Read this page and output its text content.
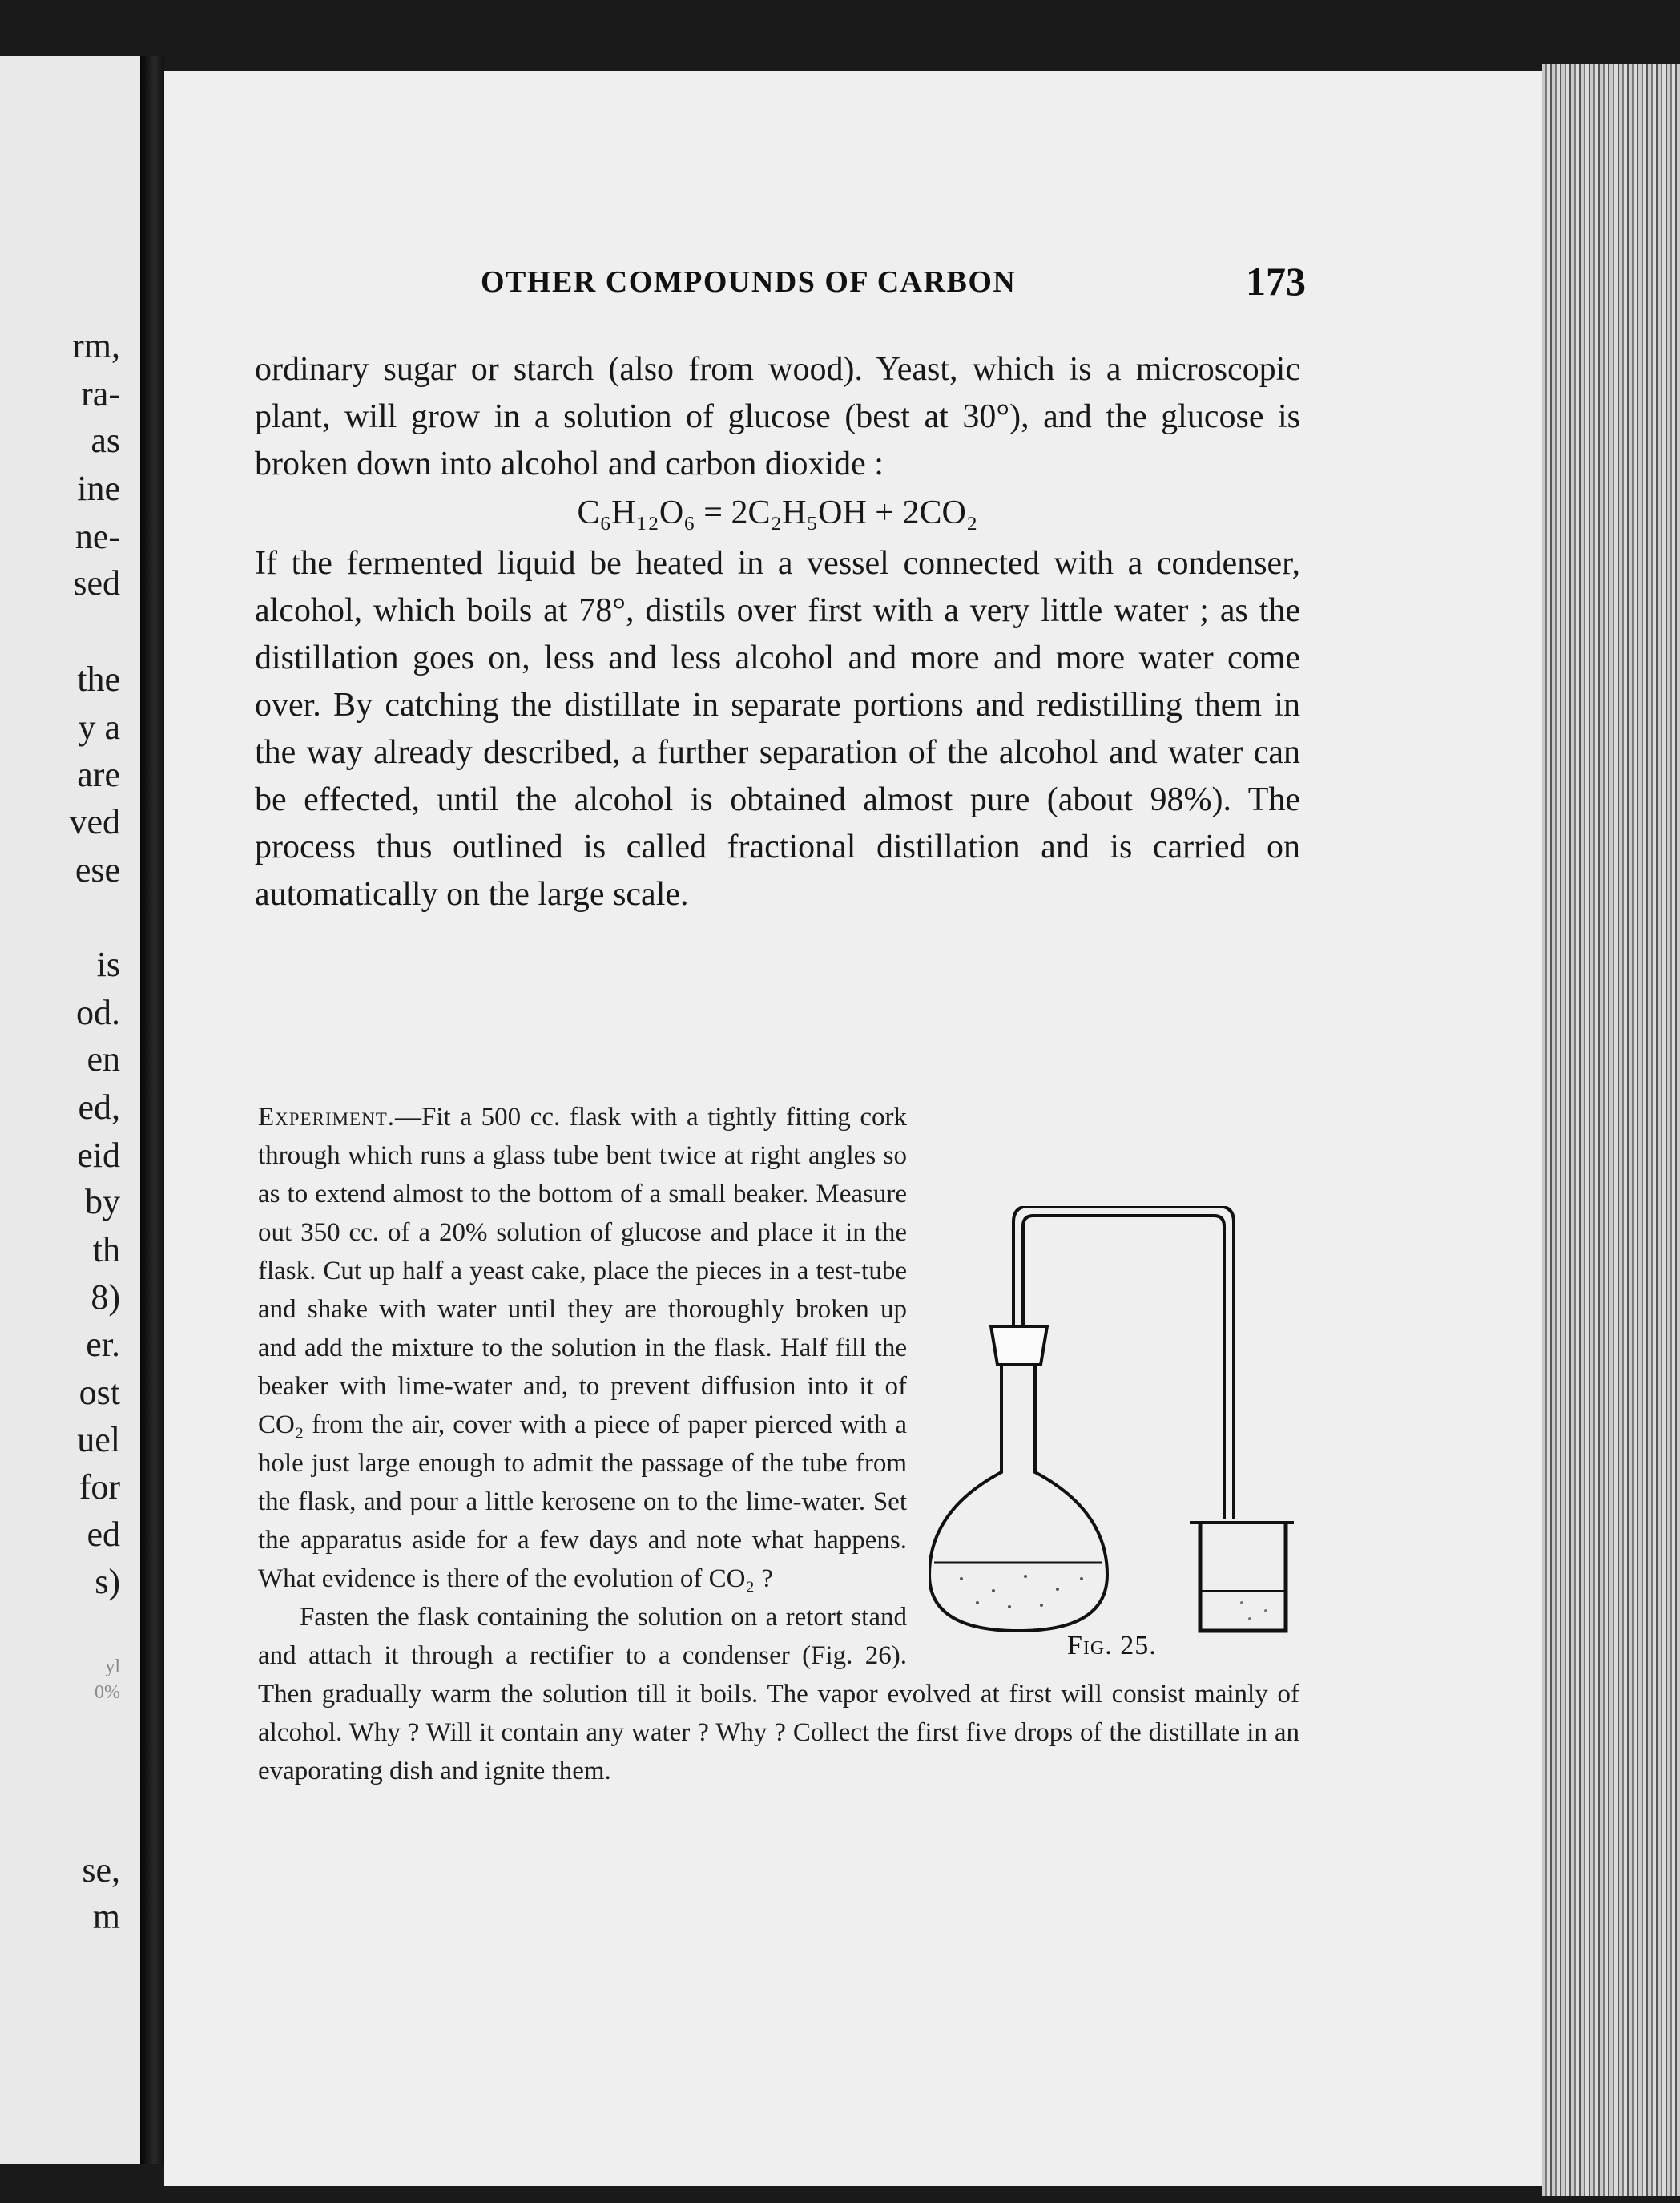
rm,
ra-
as
ine
ne-
sed
the
y a
are
ved
ese
is
od.
en
ed,
eid
by
th
8)
er.
ost
uel
for
ed
s)
yl
0%
se,
m
OTHER COMPOUNDS OF CARBON	173

ordinary sugar or starch (also from wood). Yeast, which is a microscopic plant, will grow in a solution of glucose (best at 30°), and the glucose is broken down into alcohol and carbon dioxide :

C₆H₁₂O₆ = 2C₂H₅OH + 2CO₂

If the fermented liquid be heated in a vessel connected with a condenser, alcohol, which boils at 78°, distils over first with a very little water ; as the distillation goes on, less and less alcohol and more and more water come over. By catching the distillate in separate portions and redistilling them in the way already described, a further separation of the alcohol and water can be effected, until the alcohol is obtained almost pure (about 98%). The process thus outlined is called fractional distillation and is carried on automatically on the large scale.

Experiment.—Fit a 500 cc. flask with a tightly fitting cork through which runs a glass tube bent twice at right angles so as to extend almost to the bottom of a small beaker. Measure out 350 cc. of a 20% solution of glucose and place it in the flask. Cut up half a yeast cake, place the pieces in a test-tube and shake with water until they are thoroughly broken up and add the mixture to the solution in the flask. Half fill the beaker with lime-water and, to prevent diffusion into it of CO₂ from the air, cover with a piece of paper pierced with a hole just large enough to admit the passage of the tube from the flask, and pour a little kerosene on to the lime-water. Set the apparatus aside for a few days and note what happens. What evidence is there of the evolution of CO₂ ?

Fasten the flask containing the solution on a retort stand and attach it through a rectifier to a condenser (Fig. 26). Then gradually warm the solution till it boils. The vapor evolved at first will consist mainly of alcohol. Why ? Will it contain any water ? Why ? Collect the first five drops of the distillate in an evaporating dish and ignite them.

Fig. 25.
